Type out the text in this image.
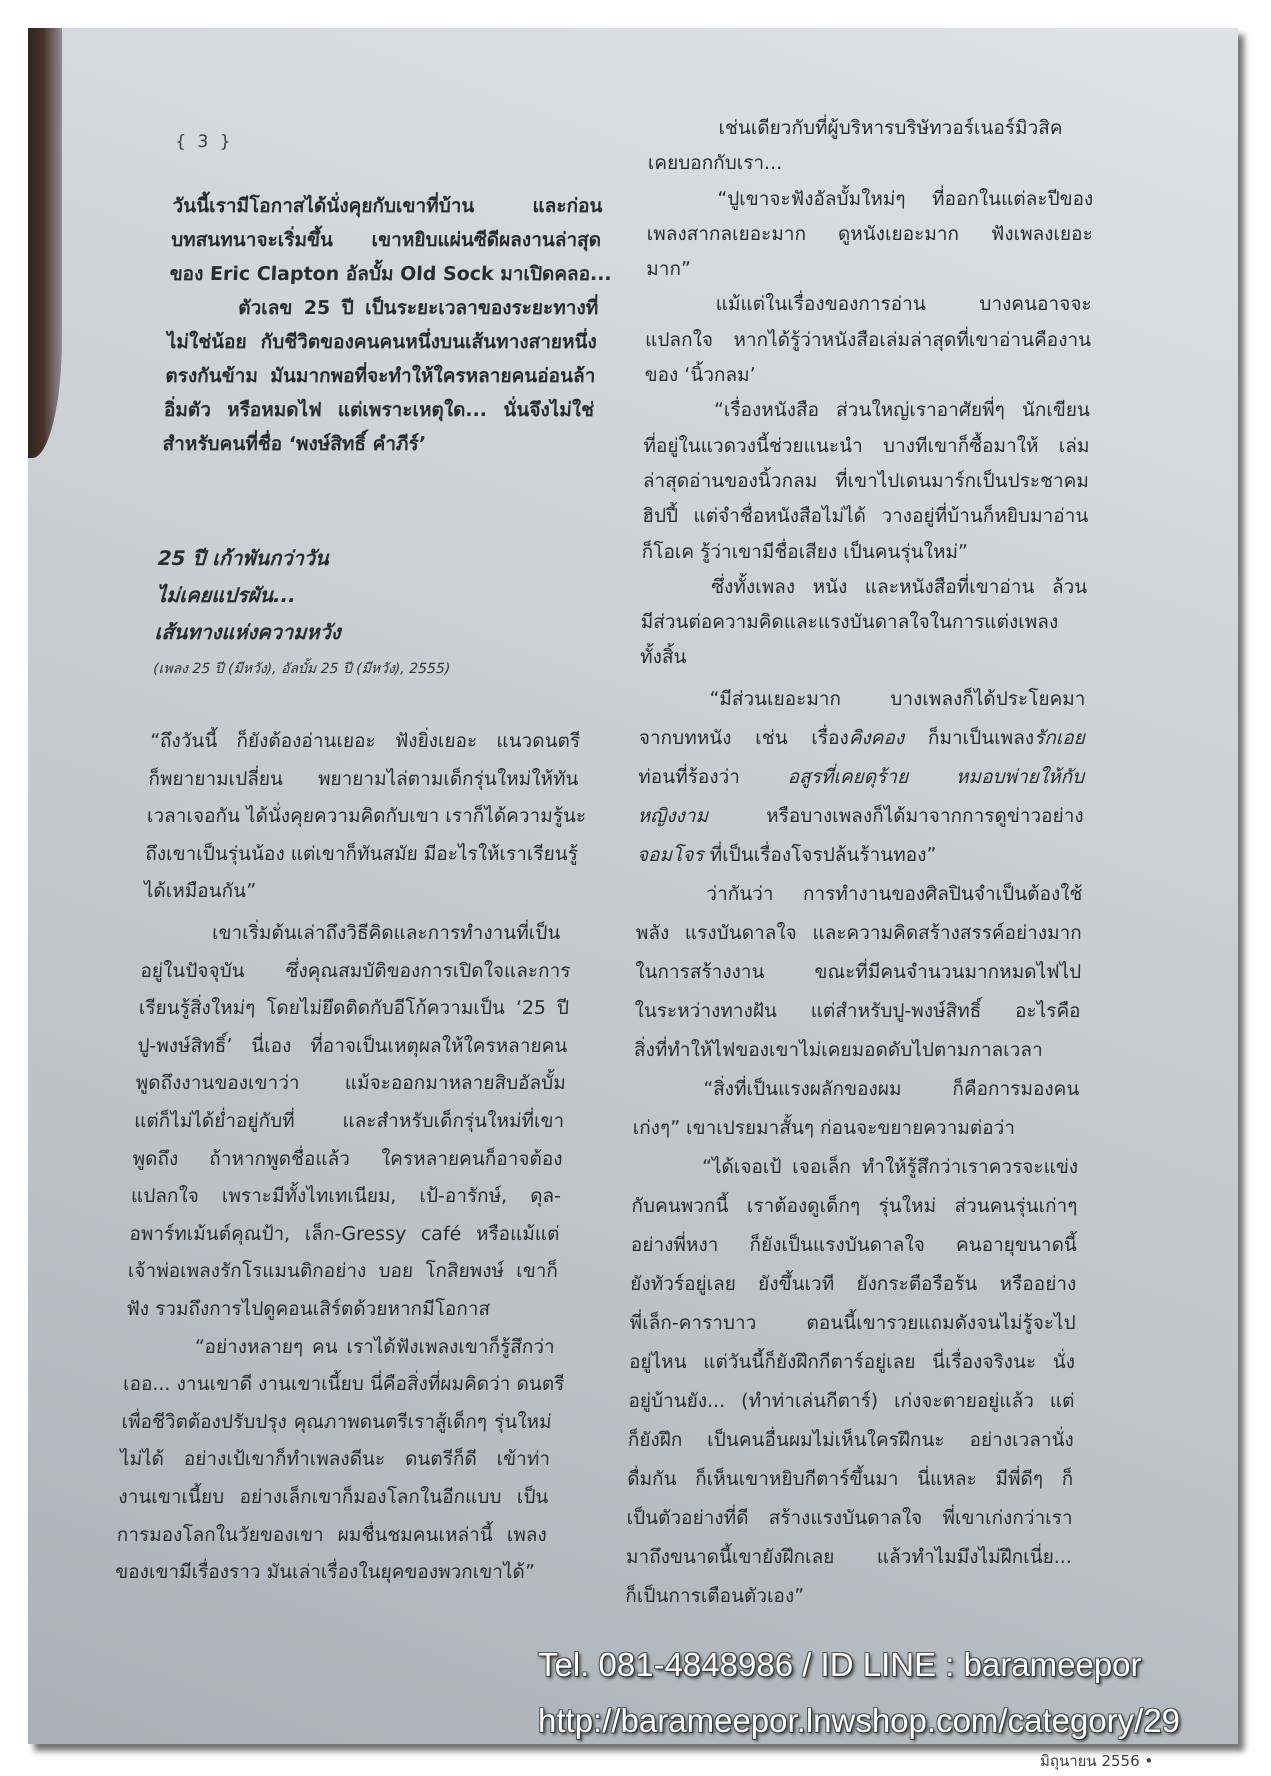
{ 3 }
วันนี้เรามีโอกาสได้นั่งคุยกับเขาที่บ้าน และก่อน
บทสนทนาจะเริ่มขึ้น เขาหยิบแผ่นซีดีผลงานล่าสุด
ของ Eric Clapton อัลบั้ม Old Sock มาเปิดคลอ...
ตัวเลข 25 ปี เป็นระยะเวลาของระยะทางที่
ไม่ใช่น้อย กับชีวิตของคนคนหนึ่งบนเส้นทางสายหนึ่ง
ตรงกันข้าม มันมากพอที่จะทำให้ใครหลายคนอ่อนล้า
อิ่มตัว หรือหมดไฟ แต่เพราะเหตุใด... นั่นจึงไม่ใช่
สำหรับคนที่ชื่อ ‘พงษ์สิทธิ์ คำภีร์’
25 ปี เก้าพันกว่าวัน
ไม่เคยแปรผัน...
เส้นทางแห่งความหวัง
(เพลง 25 ปี (มีหวัง), อัลบั้ม 25 ปี (มีหวัง), 2555)
“ถึงวันนี้ ก็ยังต้องอ่านเยอะ ฟังยิ่งเยอะ แนวดนตรี
ก็พยายามเปลี่ยน พยายามไล่ตามเด็กรุ่นใหม่ให้ทัน
เวลาเจอกัน ได้นั่งคุยความคิดกับเขา เราก็ได้ความรู้นะ
ถึงเขาเป็นรุ่นน้อง แต่เขาก็ทันสมัย มีอะไรให้เราเรียนรู้
ได้เหมือนกัน”
เขาเริ่มต้นเล่าถึงวิธีคิดและการทำงานที่เป็น
อยู่ในปัจจุบัน ซึ่งคุณสมบัติของการเปิดใจและการ
เรียนรู้สิ่งใหม่ๆ โดยไม่ยึดติดกับอีโก้ความเป็น ‘25 ปี
ปู-พงษ์สิทธิ์’ นี่เอง ที่อาจเป็นเหตุผลให้ใครหลายคน
พูดถึงงานของเขาว่า แม้จะออกมาหลายสิบอัลบั้ม
แต่ก็ไม่ได้ย่ำอยู่กับที่ และสำหรับเด็กรุ่นใหม่ที่เขา
พูดถึง ถ้าหากพูดชื่อแล้ว ใครหลายคนก็อาจต้อง
แปลกใจ เพราะมีทั้งไทเทเนียม, เป้-อารักษ์, ดุล-
อพาร์ทเม้นต์คุณป้า, เล็ก-Gressy café หรือแม้แต่
เจ้าพ่อเพลงรักโรแมนติกอย่าง บอย โกสิยพงษ์ เขาก็
ฟัง รวมถึงการไปดูคอนเสิร์ตด้วยหากมีโอกาส
“อย่างหลายๆ คน เราได้ฟังเพลงเขาก็รู้สึกว่า
เออ... งานเขาดี งานเขาเนี้ยบ นี่คือสิ่งที่ผมคิดว่า ดนตรี
เพื่อชีวิตต้องปรับปรุง คุณภาพดนตรีเราสู้เด็กๆ รุ่นใหม่
ไม่ได้ อย่างเป้เขาก็ทำเพลงดีนะ ดนตรีก็ดี เข้าท่า
งานเขาเนี้ยบ อย่างเล็กเขาก็มองโลกในอีกแบบ เป็น
การมองโลกในวัยของเขา ผมชื่นชมคนเหล่านี้ เพลง
ของเขามีเรื่องราว มันเล่าเรื่องในยุคของพวกเขาได้”
เช่นเดียวกับที่ผู้บริหารบริษัทวอร์เนอร์มิวสิค
เคยบอกกับเรา...
“ปูเขาจะฟังอัลบั้มใหม่ๆ ที่ออกในแต่ละปีของ
เพลงสากลเยอะมาก ดูหนังเยอะมาก ฟังเพลงเยอะ
มาก”
แม้แต่ในเรื่องของการอ่าน บางคนอาจจะ
แปลกใจ หากได้รู้ว่าหนังสือเล่มล่าสุดที่เขาอ่านคืองาน
ของ ‘นิ้วกลม’
“เรื่องหนังสือ ส่วนใหญ่เราอาศัยพี่ๆ นักเขียน
ที่อยู่ในแวดวงนี้ช่วยแนะนำ บางทีเขาก็ซื้อมาให้ เล่ม
ล่าสุดอ่านของนิ้วกลม ที่เขาไปเดนมาร์กเป็นประชาคม
ฮิปปี้ แต่จำชื่อหนังสือไม่ได้ วางอยู่ที่บ้านก็หยิบมาอ่าน
ก็โอเค รู้ว่าเขามีชื่อเสียง เป็นคนรุ่นใหม่”
ซึ่งทั้งเพลง หนัง และหนังสือที่เขาอ่าน ล้วน
มีส่วนต่อความคิดและแรงบันดาลใจในการแต่งเพลง
ทั้งสิ้น
“มีส่วนเยอะมาก บางเพลงก็ได้ประโยคมา
จากบทหนัง เช่น เรื่องคิงคอง ก็มาเป็นเพลงรักเอย
ท่อนที่ร้องว่า อสูรที่เคยดุร้าย หมอบพ่ายให้กับ
หญิงงาม หรือบางเพลงก็ได้มาจากการดูข่าวอย่าง
จอมโจร ที่เป็นเรื่องโจรปล้นร้านทอง”
ว่ากันว่า การทำงานของศิลปินจำเป็นต้องใช้
พลัง แรงบันดาลใจ และความคิดสร้างสรรค์อย่างมาก
ในการสร้างงาน ขณะที่มีคนจำนวนมากหมดไฟไป
ในระหว่างทางฝัน แต่สำหรับปู-พงษ์สิทธิ์ อะไรคือ
สิ่งที่ทำให้ไฟของเขาไม่เคยมอดดับไปตามกาลเวลา
“สิ่งที่เป็นแรงผลักของผม ก็คือการมองคน
เก่งๆ” เขาเปรยมาสั้นๆ ก่อนจะขยายความต่อว่า
“ได้เจอเป้ เจอเล็ก ทำให้รู้สึกว่าเราควรจะแข่ง
กับคนพวกนี้ เราต้องดูเด็กๆ รุ่นใหม่ ส่วนคนรุ่นเก่าๆ
อย่างพี่หงา ก็ยังเป็นแรงบันดาลใจ คนอายุขนาดนี้
ยังทัวร์อยู่เลย ยังขึ้นเวที ยังกระตือรือร้น หรืออย่าง
พี่เล็ก-คาราบาว ตอนนี้เขารวยแถมดังจนไม่รู้จะไป
อยู่ไหน แต่วันนี้ก็ยังฝึกกีตาร์อยู่เลย นี่เรื่องจริงนะ นั่ง
อยู่บ้านยัง... (ทำท่าเล่นกีตาร์) เก่งจะตายอยู่แล้ว แต่
ก็ยังฝึก เป็นคนอื่นผมไม่เห็นใครฝึกนะ อย่างเวลานั่ง
ดื่มกัน ก็เห็นเขาหยิบกีตาร์ขึ้นมา นี่แหละ มีพี่ดีๆ ก็
เป็นตัวอย่างที่ดี สร้างแรงบันดาลใจ พี่เขาเก่งกว่าเรา
มาถึงขนาดนี้เขายังฝึกเลย แล้วทำไมมึงไม่ฝึกเนี่ย...
ก็เป็นการเตือนตัวเอง”
Tel. 081-4848986 / ID LINE : barameepor
http://barameepor.lnwshop.com/category/29
มิถุนายน 2556 •
